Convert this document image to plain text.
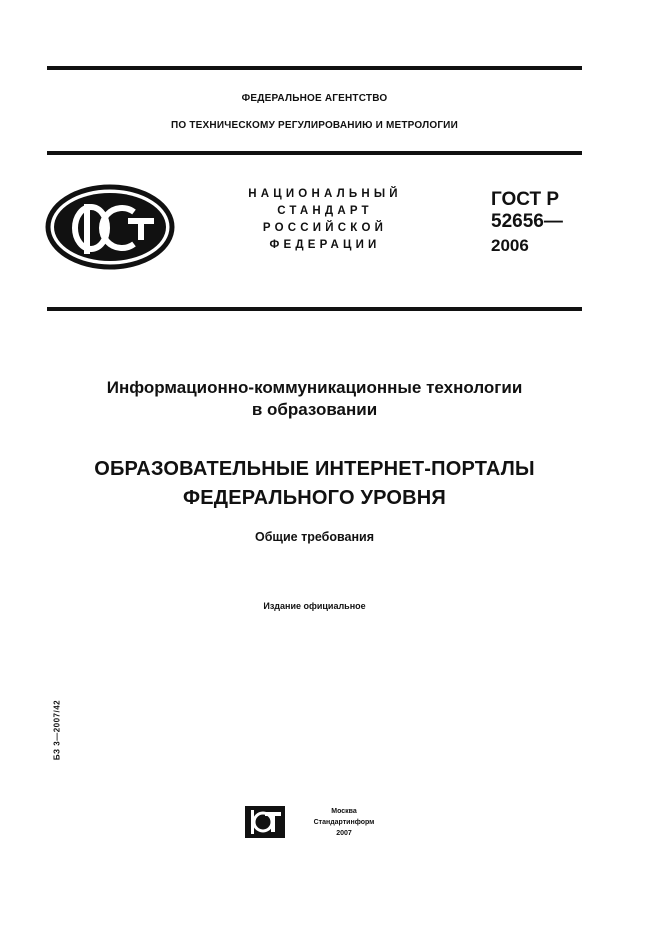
ФЕДЕРАЛЬНОЕ АГЕНТСТВО
ПО ТЕХНИЧЕСКОМУ РЕГУЛИРОВАНИЮ И МЕТРОЛОГИИ
НАЦИОНАЛЬНЫЙ
СТАНДАРТ
РОССИЙСКОЙ
ФЕДЕРАЦИИ
ГОСТ Р
52656—
2006
Информационно-коммуникационные технологии
в образовании
ОБРАЗОВАТЕЛЬНЫЕ ИНТЕРНЕТ-ПОРТАЛЫ
ФЕДЕРАЛЬНОГО УРОВНЯ
Общие требования
Издание официальное
БЗ 3—2007/42
Москва
Стандартинформ
2007
